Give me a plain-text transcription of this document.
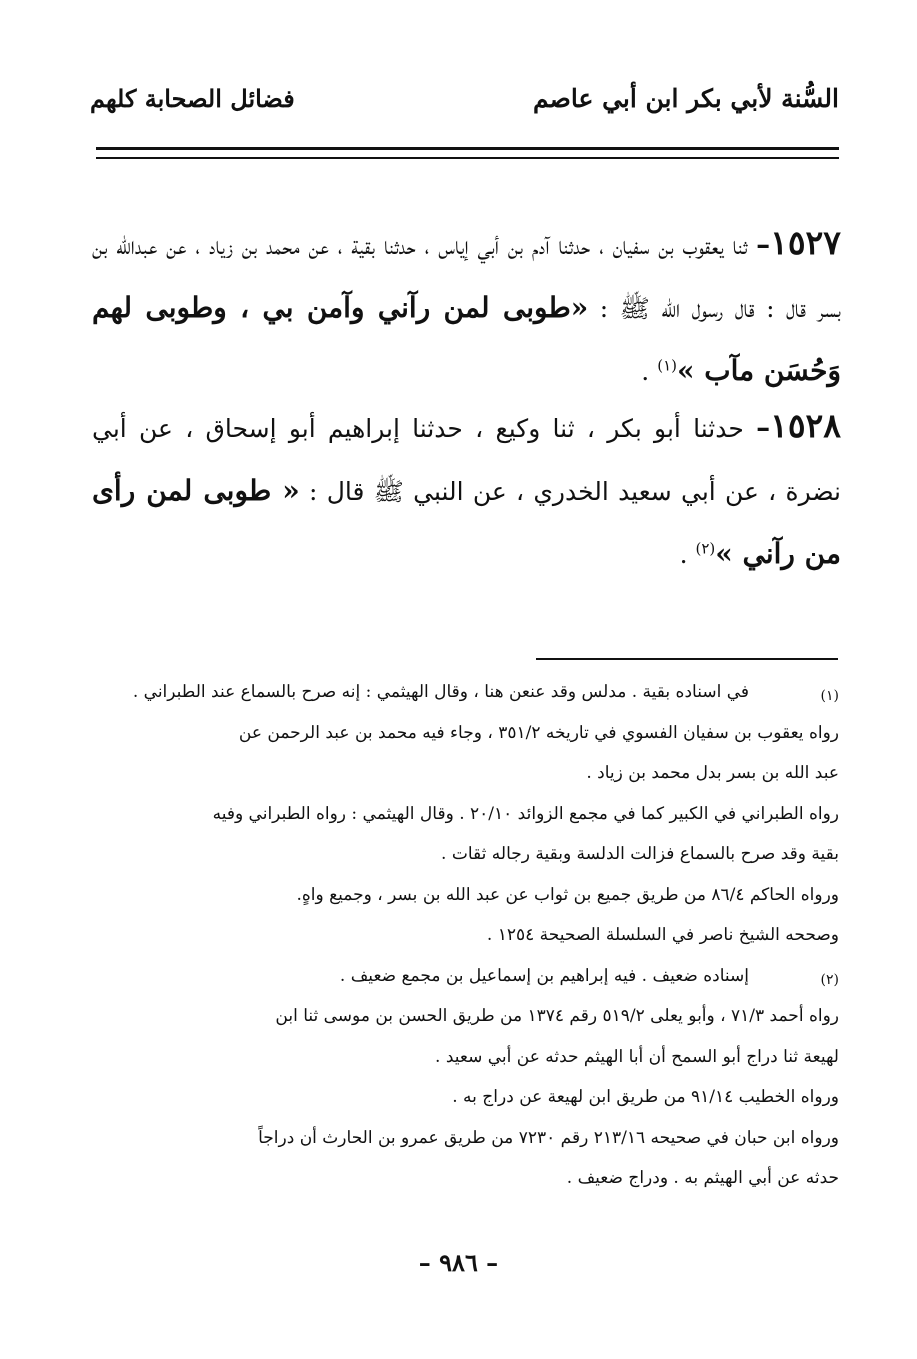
السُّنة لأبي بكر ابن أبي عاصم
فضائل الصحابة كلهم
١٥٢٧– ثنا يعقوب بن سفيان ، حدثنا آدم بن أبي إياس ، حدثنا بقية ، عن محمد بن زياد ، عن عبدالله بن بسر قال : قال رسول الله ﷺ : «طوبى لمن رآني وآمن بي ، وطوبى لهم وَحُسَن مآب »$^{(١)}$ .
١٥٢٨– حدثنا أبو بكر ، ثنا وكيع ، حدثنا إبراهيم أبو إسحاق ، عن أبي نضرة ، عن أبي سعيد الخدري ، عن النبي ﷺ قال : « طوبى لمن رأى من رآني »$^{(٢)}$ .
(١)
في اسناده بقية . مدلس وقد عنعن هنا ، وقال الهيثمي : إنه صرح بالسماع عند الطبراني .
رواه يعقوب بن سفيان الفسوي في تاريخه ٣٥١/٢ ، وجاء فيه محمد بن عبد الرحمن عن
عبد الله بن بسر بدل محمد بن زياد .
رواه الطبراني في الكبير كما في مجمع الزوائد ٢٠/١٠ . وقال الهيثمي : رواه الطبراني وفيه
بقية وقد صرح بالسماع فزالت الدلسة وبقية رجاله ثقات .
ورواه الحاكم ٨٦/٤ من طريق جميع بن ثواب عن عبد الله بن بسر ، وجميع واهٍ.
وصححه الشيخ ناصر في السلسلة الصحيحة ١٢٥٤ .
(٢)
إسناده ضعيف . فيه إبراهيم بن إسماعيل بن مجمع ضعيف .
رواه أحمد ٧١/٣ ، وأبو يعلى ٥١٩/٢ رقم ١٣٧٤ من طريق الحسن بن موسى ثنا ابن
لهيعة ثنا دراج أبو السمح أن أبا الهيثم حدثه عن أبي سعيد .
ورواه الخطيب ٩١/١٤ من طريق ابن لهيعة عن دراج به .
ورواه ابن حبان في صحيحه ٢١٣/١٦ رقم ٧٢٣٠ من طريق عمرو بن الحارث أن دراجاً
حدثه عن أبي الهيثم به . ودراج ضعيف .
– ٩٨٦ –
